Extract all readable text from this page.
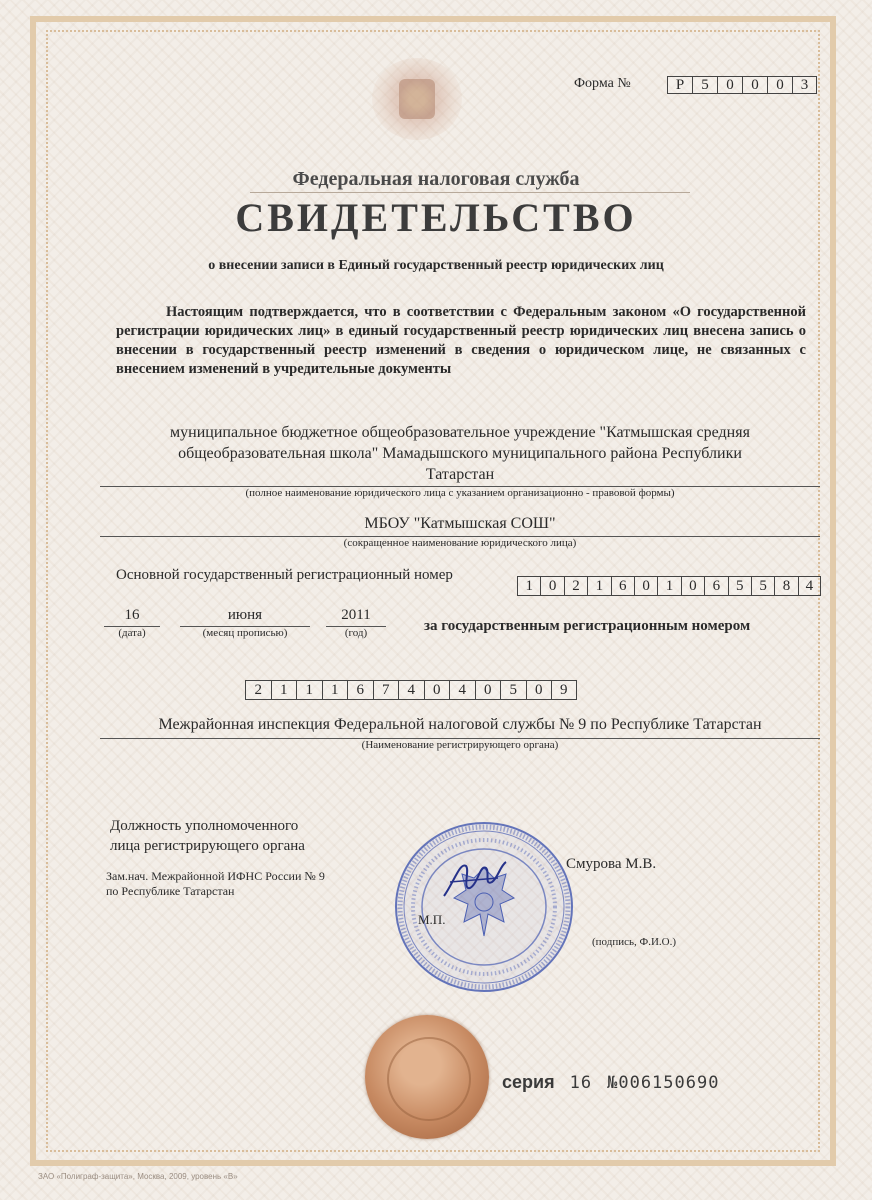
Форма №	Р	5	0	0	0	3
Федеральная налоговая служба
СВИДЕТЕЛЬСТВО
о внесении записи в Единый государственный реестр юридических лиц
Настоящим подтверждается, что в соответствии с Федеральным законом «О государственной регистрации юридических лиц» в единый государственный реестр юридических лиц внесена запись о внесении в государственный реестр изменений в сведения о юридическом лице, не связанных с внесением изменений в учредительные документы
муниципальное бюджетное общеобразовательное учреждение "Катмышская средняя
общеобразовательная школа" Мамадышского муниципального района Республики
Татарстан
(полное наименование юридического лица с указанием организационно - правовой формы)
МБОУ "Катмышская СОШ"
(сокращенное наименование юридического лица)
Основной государственный регистрационный номер
1	0	2	1	6	0	1	0	6	5	5	8	4
16
(дата)
июня
(месяц прописью)
2011
(год)	за государственным регистрационным номером
2	1	1	1	6	7	4	0	4	0	5	0	9
Межрайонная инспекция Федеральной налоговой службы № 9 по Республике Татарстан
(Наименование регистрирующего органа)
Должность уполномоченного
лица регистрирующего органа
Зам.нач. Межрайонной ИФНС России № 9
по Республике Татарстан
М.П.
Смурова М.В.
(подпись, Ф.И.О.)
серия 16 №006150690
ЗАО «Полиграф-защита», Москва, 2009, уровень «В»
